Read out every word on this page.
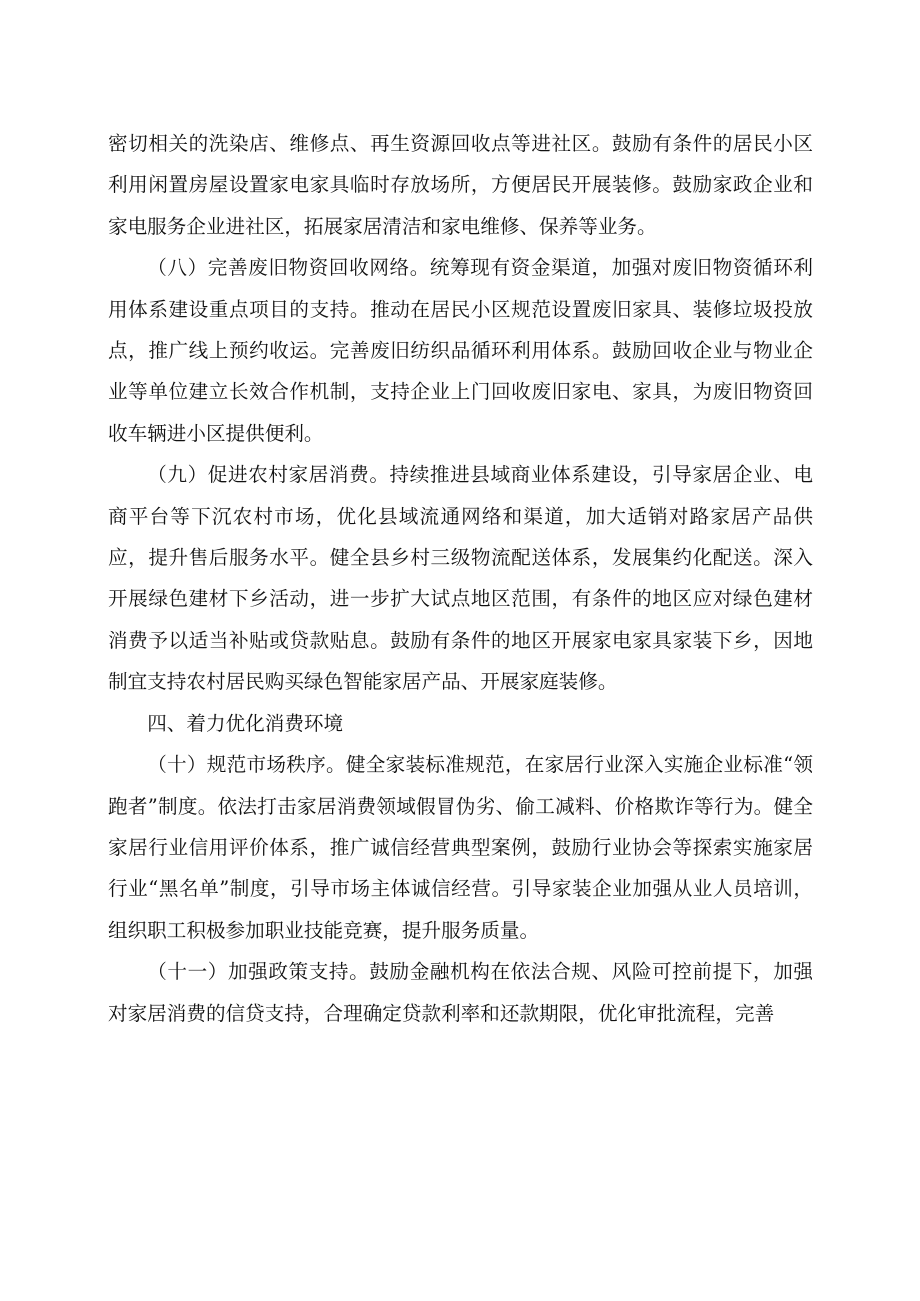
密切相关的洗染店、维修点、再生资源回收点等进社区。鼓励有条件的居民小区利用闲置房屋设置家电家具临时存放场所，方便居民开展装修。鼓励家政企业和家电服务企业进社区，拓展家居清洁和家电维修、保养等业务。

（八）完善废旧物资回收网络。统筹现有资金渠道，加强对废旧物资循环利用体系建设重点项目的支持。推动在居民小区规范设置废旧家具、装修垃圾投放点，推广线上预约收运。完善废旧纺织品循环利用体系。鼓励回收企业与物业企业等单位建立长效合作机制，支持企业上门回收废旧家电、家具，为废旧物资回收车辆进小区提供便利。

（九）促进农村家居消费。持续推进县域商业体系建设，引导家居企业、电商平台等下沉农村市场，优化县域流通网络和渠道，加大适销对路家居产品供应，提升售后服务水平。健全县乡村三级物流配送体系，发展集约化配送。深入开展绿色建材下乡活动，进一步扩大试点地区范围，有条件的地区应对绿色建材消费予以适当补贴或贷款贴息。鼓励有条件的地区开展家电家具家装下乡，因地制宜支持农村居民购买绿色智能家居产品、开展家庭装修。

四、着力优化消费环境

（十）规范市场秩序。健全家装标准规范，在家居行业深入实施企业标准“领跑者”制度。依法打击家居消费领域假冒伪劣、偷工减料、价格欺诈等行为。健全家居行业信用评价体系，推广诚信经营典型案例，鼓励行业协会等探索实施家居行业“黑名单”制度，引导市场主体诚信经营。引导家装企业加强从业人员培训，组织职工积极参加职业技能竞赛，提升服务质量。

（十一）加强政策支持。鼓励金融机构在依法合规、风险可控前提下，加强对家居消费的信贷支持，合理确定贷款利率和还款期限，优化审批流程，完善
